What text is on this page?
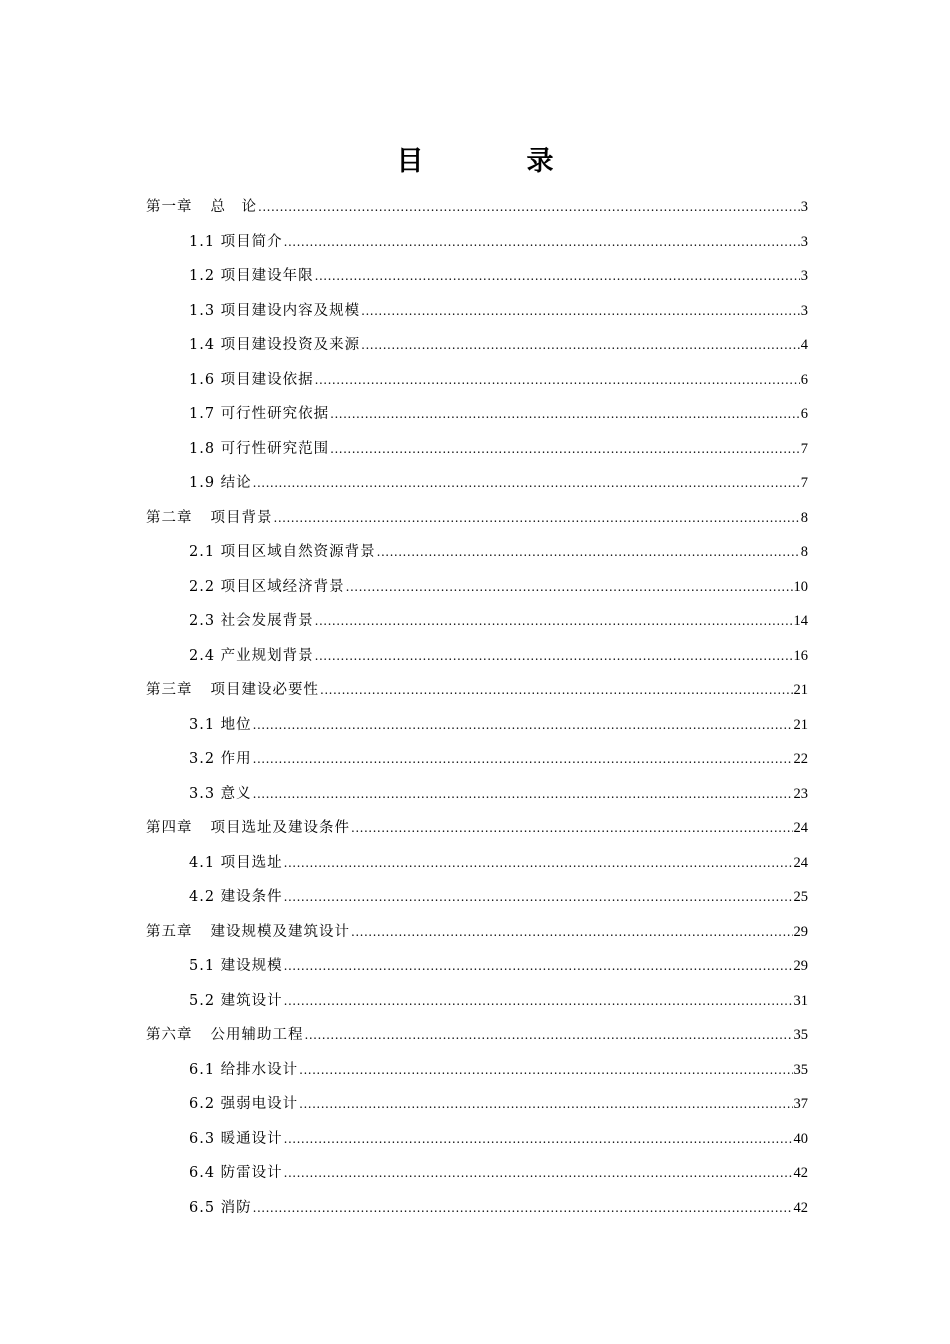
目　录
第一章 总　论 .....	3
1.1 项目简介 .....	3
1.2 项目建设年限 .....	3
1.3 项目建设内容及规模 .....	3
1.4 项目建设投资及来源 .....	4
1.6 项目建设依据 .....	6
1.7 可行性研究依据 .....	6
1.8 可行性研究范围 .....	7
1.9 结论 .....	7
第二章 项目背景 .....	8
2.1 项目区域自然资源背景 .....	8
2.2 项目区域经济背景 .....	10
2.3 社会发展背景 .....	14
2.4 产业规划背景 .....	16
第三章 项目建设必要性 .....	21
3.1 地位 .....	21
3.2 作用 .....	22
3.3 意义 .....	23
第四章 项目选址及建设条件 .....	24
4.1 项目选址 .....	24
4.2 建设条件 .....	25
第五章 建设规模及建筑设计 .....	29
5.1 建设规模 .....	29
5.2 建筑设计 .....	31
第六章 公用辅助工程 .....	35
6.1 给排水设计 .....	35
6.2 强弱电设计 .....	37
6.3 暖通设计 .....	40
6.4 防雷设计 .....	42
6.5 消防 .....	42
